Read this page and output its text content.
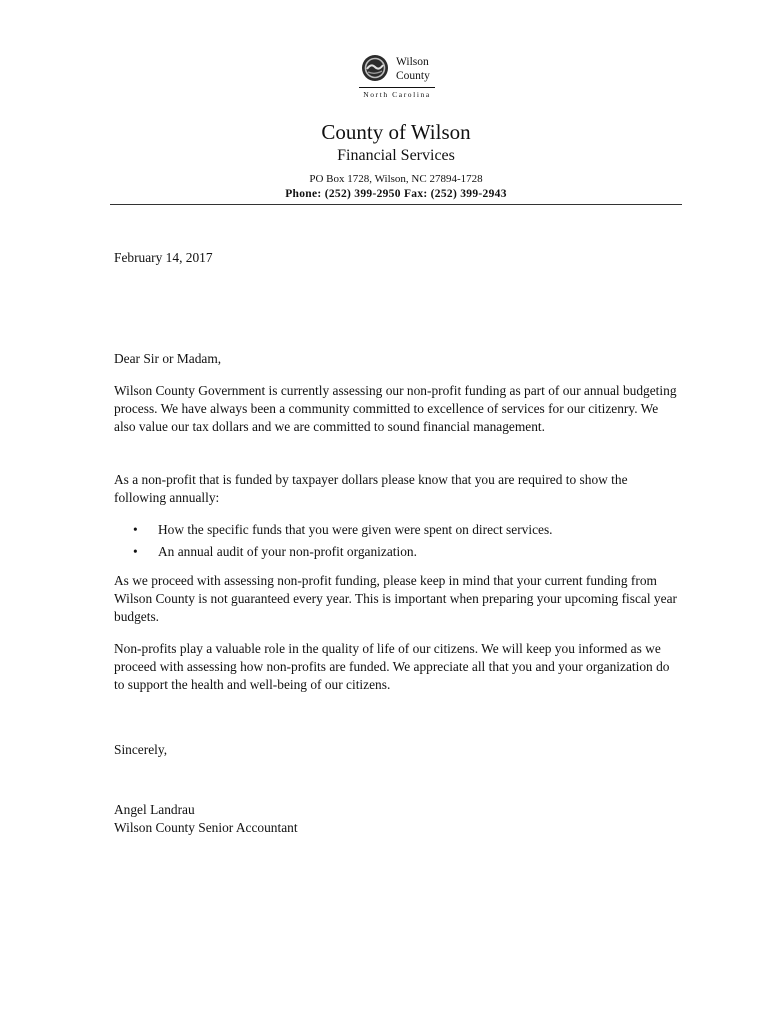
Wilson
County
North Carolina
County of Wilson
Financial Services
PO Box 1728, Wilson, NC 27894-1728
Phone: (252) 399-2950 Fax: (252) 399-2943
February 14, 2017
Dear Sir or Madam,

Wilson County Government is currently assessing our non-profit funding as part of our annual budgeting process. We have always been a community committed to excellence of services for our citizenry. We also value our tax dollars and we are committed to sound financial management.

As a non-profit that is funded by taxpayer dollars please know that you are required to show the following annually:

• How the specific funds that you were given were spent on direct services.
• An annual audit of your non-profit organization.

As we proceed with assessing non-profit funding, please keep in mind that your current funding from Wilson County is not guaranteed every year. This is important when preparing your upcoming fiscal year budgets.

Non-profits play a valuable role in the quality of life of our citizens. We will keep you informed as we proceed with assessing how non-profits are funded. We appreciate all that you and your organization do to support the health and well-being of our citizens.

Sincerely,
Angel Landrau
Wilson County Senior Accountant
